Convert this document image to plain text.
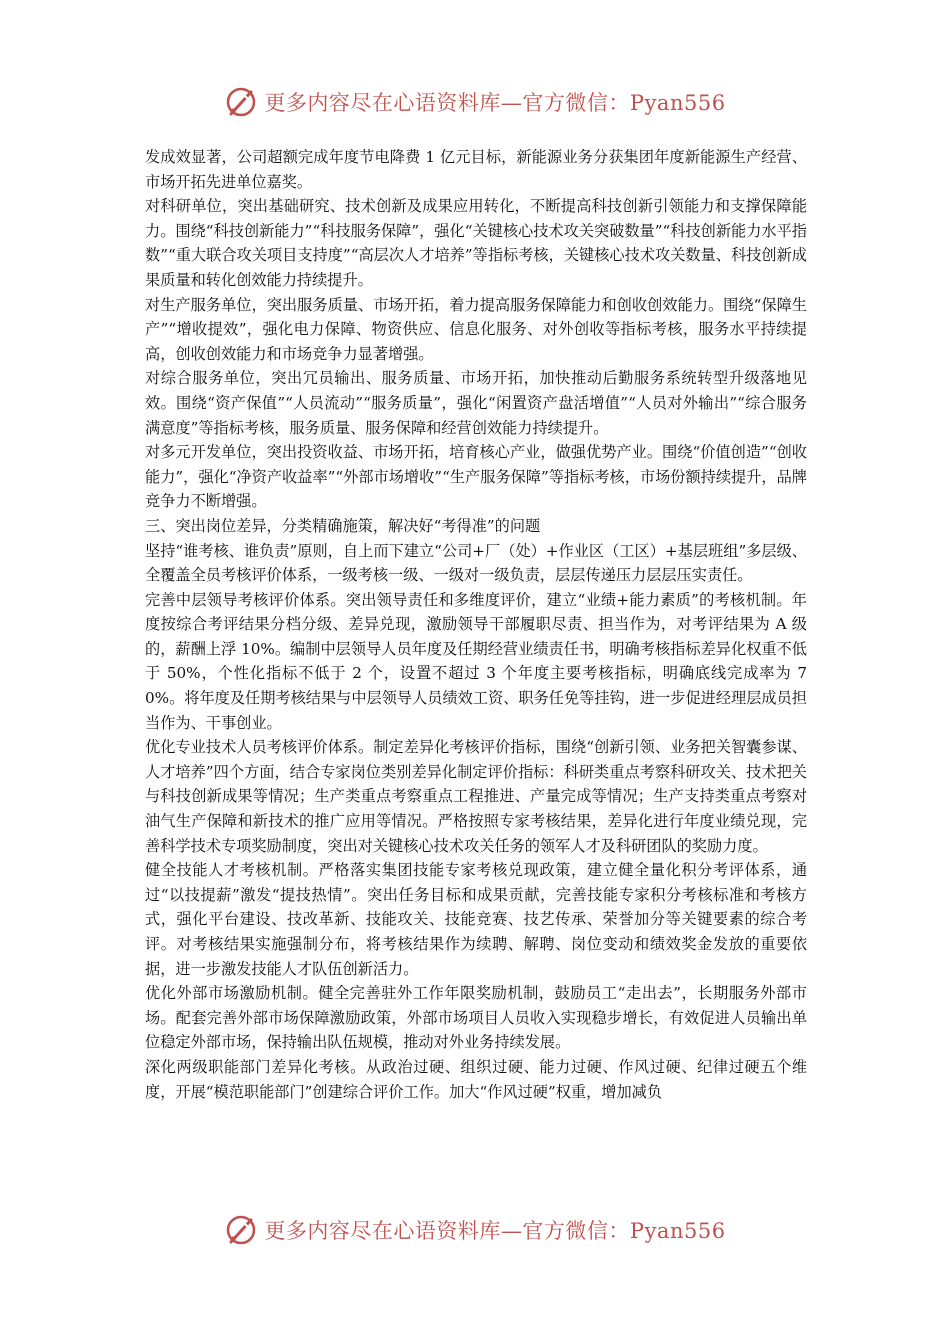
更多内容尽在心语资料库—官方微信：Pyan556

发成效显著，公司超额完成年度节电降费 1 亿元目标，新能源业务分获集团年度新能源生产经营、市场开拓先进单位嘉奖。

对科研单位，突出基础研究、技术创新及成果应用转化，不断提高科技创新引领能力和支撑保障能力。围绕“科技创新能力”“科技服务保障”，强化“关键核心技术攻关突破数量”“科技创新能力水平指数”“重大联合攻关项目支持度”“高层次人才培养”等指标考核，关键核心技术攻关数量、科技创新成果质量和转化创效能力持续提升。

对生产服务单位，突出服务质量、市场开拓，着力提高服务保障能力和创收创效能力。围绕“保障生产”“增收提效”，强化电力保障、物资供应、信息化服务、对外创收等指标考核，服务水平持续提高，创收创效能力和市场竞争力显著增强。

对综合服务单位，突出冗员输出、服务质量、市场开拓，加快推动后勤服务系统转型升级落地见效。围绕“资产保值”“人员流动”“服务质量”，强化“闲置资产盘活增值”“人员对外输出”“综合服务满意度”等指标考核，服务质量、服务保障和经营创效能力持续提升。

对多元开发单位，突出投资收益、市场开拓，培育核心产业，做强优势产业。围绕“价值创造”“创收能力”，强化“净资产收益率”“外部市场增收”“生产服务保障”等指标考核，市场份额持续提升，品牌竞争力不断增强。

三、突出岗位差异，分类精确施策，解决好“考得准”的问题

坚持“谁考核、谁负责”原则，自上而下建立“公司+厂（处）+作业区（工区）+基层班组”多层级、全覆盖全员考核评价体系，一级考核一级、一级对一级负责，层层传递压力层层压实责任。

完善中层领导考核评价体系。突出领导责任和多维度评价，建立“业绩+能力素质”的考核机制。年度按综合考评结果分档分级、差异兑现，激励领导干部履职尽责、担当作为，对考评结果为 A 级的，薪酬上浮 10%。编制中层领导人员年度及任期经营业绩责任书，明确考核指标差异化权重不低于 50%，个性化指标不低于 2 个，设置不超过 3 个年度主要考核指标，明确底线完成率为 70%。将年度及任期考核结果与中层领导人员绩效工资、职务任免等挂钩，进一步促进经理层成员担当作为、干事创业。

优化专业技术人员考核评价体系。制定差异化考核评价指标，围绕“创新引领、业务把关智囊参谋、人才培养”四个方面，结合专家岗位类别差异化制定评价指标：科研类重点考察科研攻关、技术把关与科技创新成果等情况；生产类重点考察重点工程推进、产量完成等情况；生产支持类重点考察对油气生产保障和新技术的推广应用等情况。严格按照专家考核结果，差异化进行年度业绩兑现，完善科学技术专项奖励制度，突出对关键核心技术攻关任务的领军人才及科研团队的奖励力度。

健全技能人才考核机制。严格落实集团技能专家考核兑现政策，建立健全量化积分考评体系，通过“以技提薪”激发“提技热情”。突出任务目标和成果贡献，完善技能专家积分考核标准和考核方式，强化平台建设、技改革新、技能攻关、技能竞赛、技艺传承、荣誉加分等关键要素的综合考评。对考核结果实施强制分布，将考核结果作为续聘、解聘、岗位变动和绩效奖金发放的重要依据，进一步激发技能人才队伍创新活力。

优化外部市场激励机制。健全完善驻外工作年限奖励机制，鼓励员工“走出去”，长期服务外部市场。配套完善外部市场保障激励政策，外部市场项目人员收入实现稳步增长，有效促进人员输出单位稳定外部市场，保持输出队伍规模，推动对外业务持续发展。

深化两级职能部门差异化考核。从政治过硬、组织过硬、能力过硬、作风过硬、纪律过硬五个维度，开展“模范职能部门”创建综合评价工作。加大“作风过硬”权重，增加减负

更多内容尽在心语资料库—官方微信：Pyan556
